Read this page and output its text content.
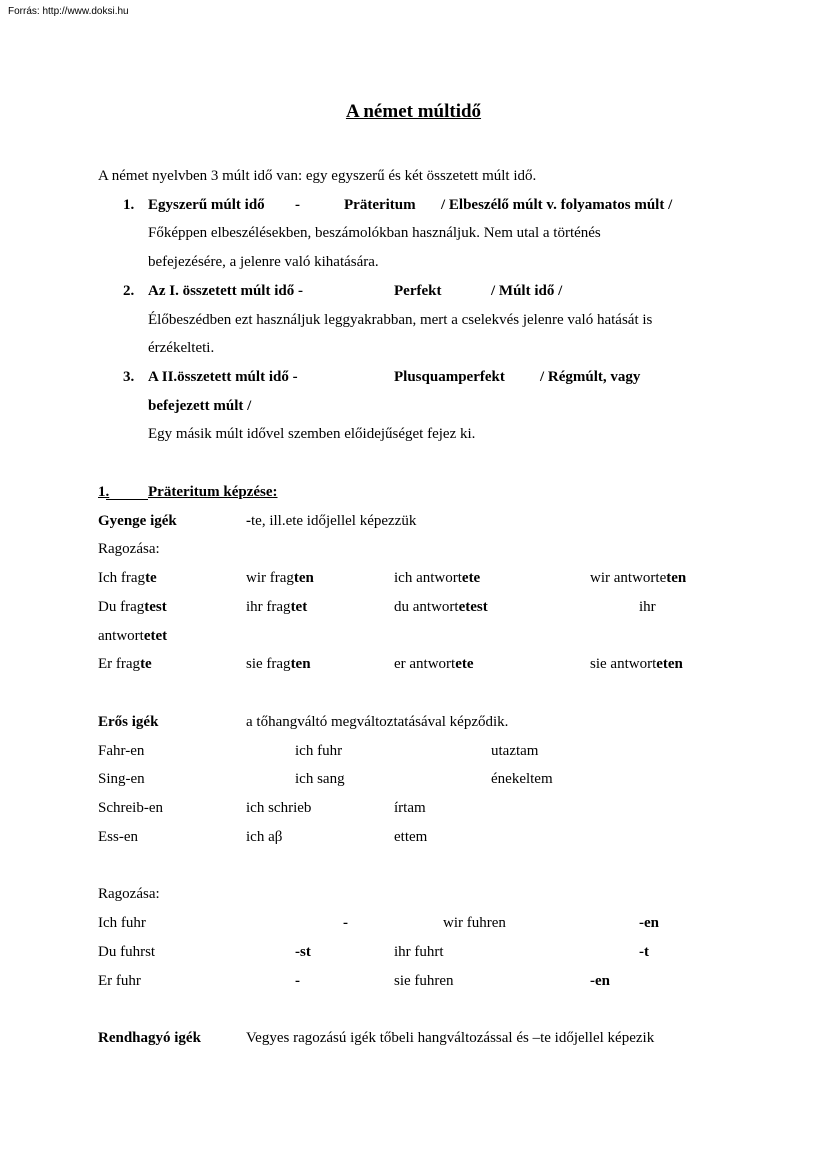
Forrás: http://www.doksi.hu
A német múltidő
A német nyelvben 3 múlt idő van: egy egyszerű és két összetett múlt idő.
1. Egyszerű múlt idő -	Präteritum / Elbeszélő múlt v. folyamatos múlt /
Főképpen elbeszélésekben, beszámolókban használjuk. Nem utal a történés
befejezésére, a jelenre való kihatására.
2. Az I. összetett múlt idő -	Perfekt	/ Múlt idő /
Élőbeszédben ezt használjuk leggyakrabban, mert a cselekvés jelenre való hatását is
érzékelteti.
3. A II.összetett múlt idő -	Plusquamperfekt / Régmúlt, vagy
befejezett múlt /
Egy másik múlt idővel szemben előidejűséget fejez ki.
1.	Präteritum képzése:
Gyenge igék	-te, ill.ete időjellel képezzük
Ragozása:
Ich fragte	wir fragten	ich antwortete	wir antworteten
Du fragtest	ihr fragtet	du antwortetest	ihr
antwortetet
Er fragte	sie fragten	er antwortete	sie antworteten
Erős igék	a tőhangváltó megváltoztatásával képződik.
Fahr-en	ich fuhr	utaztam
Sing-en	ich sang	énekeltem
Schreib-en	ich schrieb	írtam
Ess-en	ich aβ	ettem
Ragozása:
Ich fuhr	-	wir fuhren	-en
Du fuhrst	-st	ihr fuhrt	-t
Er fuhr	-	sie fuhren	-en
Rendhagyó igék	Vegyes ragozású igék tőbeli hangváltozással és –te időjellel képezik
